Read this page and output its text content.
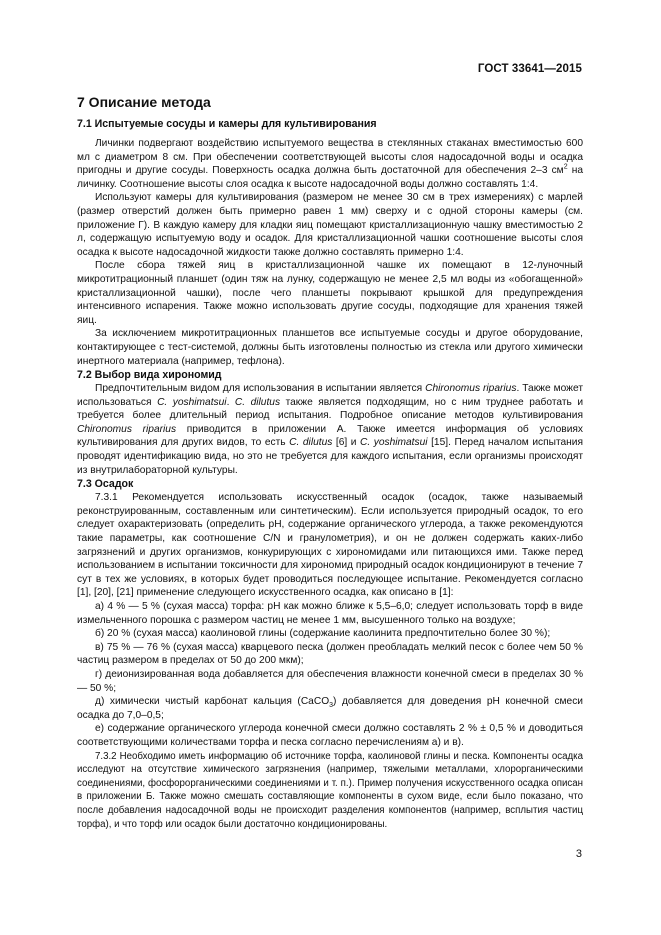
ГОСТ 33641—2015
7 Описание метода
7.1 Испытуемые сосуды и камеры для культивирования

Личинки подвергают воздействию испытуемого вещества в стеклянных стаканах вместимостью 600 мл с диаметром 8 см. При обеспечении соответствующей высоты слоя надосадочной воды и осадка пригодны и другие сосуды. Поверхность осадка должна быть достаточной для обеспечения 2–3 $см^2$ на личинку. Соотношение высоты слоя осадка к высоте надосадочной воды должно составлять 1:4.

Используют камеры для культивирования (размером не менее 30 см в трех измерениях) с марлей (размер отверстий должен быть примерно равен 1 мм) сверху и с одной стороны камеры (см. приложение Г). В каждую камеру для кладки яиц помещают кристаллизационную чашку вместимостью 2 л, содержащую испытуемую воду и осадок. Для кристаллизационной чашки соотношение высоты слоя осадка к высоте надосадочной жидкости также должно составлять примерно 1:4.

После сбора тяжей яиц в кристаллизационной чашке их помещают в 12-луночный микротитрационный планшет (один тяж на лунку, содержащую не менее 2,5 мл воды из «обогащенной» кристаллизационной чашки), после чего планшеты покрывают крышкой для предупреждения интенсивного испарения. Также можно использовать другие сосуды, подходящие для хранения тяжей яиц.

За исключением микротитрационных планшетов все испытуемые сосуды и другое оборудование, контактирующее с тест-системой, должны быть изготовлены полностью из стекла или другого химически инертного материала (например, тефлона).

7.2 Выбор вида хирономид

Предпочтительным видом для использования в испытании является Chironomus riparius. Также может использоваться C. yoshimatsui. C. dilutus также является подходящим, но с ним труднее работать и требуется более длительный период испытания. Подробное описание методов культивирования Chironomus riparius приводится в приложении А. Также имеется информация об условиях культивирования для других видов, то есть C. dilutus [6] и C. yoshimatsui [15]. Перед началом испытания проводят идентификацию вида, но это не требуется для каждого испытания, если организмы происходят из внутрилабораторной культуры.

7.3 Осадок

7.3.1 Рекомендуется использовать искусственный осадок (осадок, также называемый реконструированным, составленным или синтетическим). Если используется природный осадок, то его следует охарактеризовать (определить pH, содержание органического углерода, а также рекомендуются такие параметры, как соотношение C/N и гранулометрия), и он не должен содержать каких-либо загрязнений и других организмов, конкурирующих с хирономидами или питающихся ими. Также перед использованием в испытании токсичности для хирономид природный осадок кондиционируют в течение 7 сут в тех же условиях, в которых будет проводиться последующее испытание. Рекомендуется согласно [1], [20], [21] применение следующего искусственного осадка, как описано в [1]:

а) 4 % — 5 % (сухая масса) торфа: pH как можно ближе к 5,5–6,0; следует использовать торф в виде измельченного порошка с размером частиц не менее 1 мм, высушенного только на воздухе;

б) 20 % (сухая масса) каолиновой глины (содержание каолинита предпочтительно более 30 %);

в) 75 % — 76 % (сухая масса) кварцевого песка (должен преобладать мелкий песок с более чем 50 % частиц размером в пределах от 50 до 200 мкм);

г) деионизированная вода добавляется для обеспечения влажности конечной смеси в пределах 30 % — 50 %;

д) химически чистый карбонат кальция (CaCO$_3$) добавляется для доведения pH конечной смеси осадка до 7,0–0,5;

е) содержание органического углерода конечной смеси должно составлять 2 % ± 0,5 % и доводиться соответствующими количествами торфа и песка согласно перечислениям а) и в).

7.3.2 Необходимо иметь информацию об источнике торфа, каолиновой глины и песка. Компоненты осадка исследуют на отсутствие химического загрязнения (например, тяжелыми металлами, хлорорганическими соединениями, фосфорорганическими соединениями и т. п.). Пример получения искусственного осадка описан в приложении Б. Также можно смешать составляющие компоненты в сухом виде, если было показано, что после добавления надосадочной воды не происходит разделения компонентов (например, всплытия частиц торфа), и что торф или осадок были достаточно кондиционированы.

3
